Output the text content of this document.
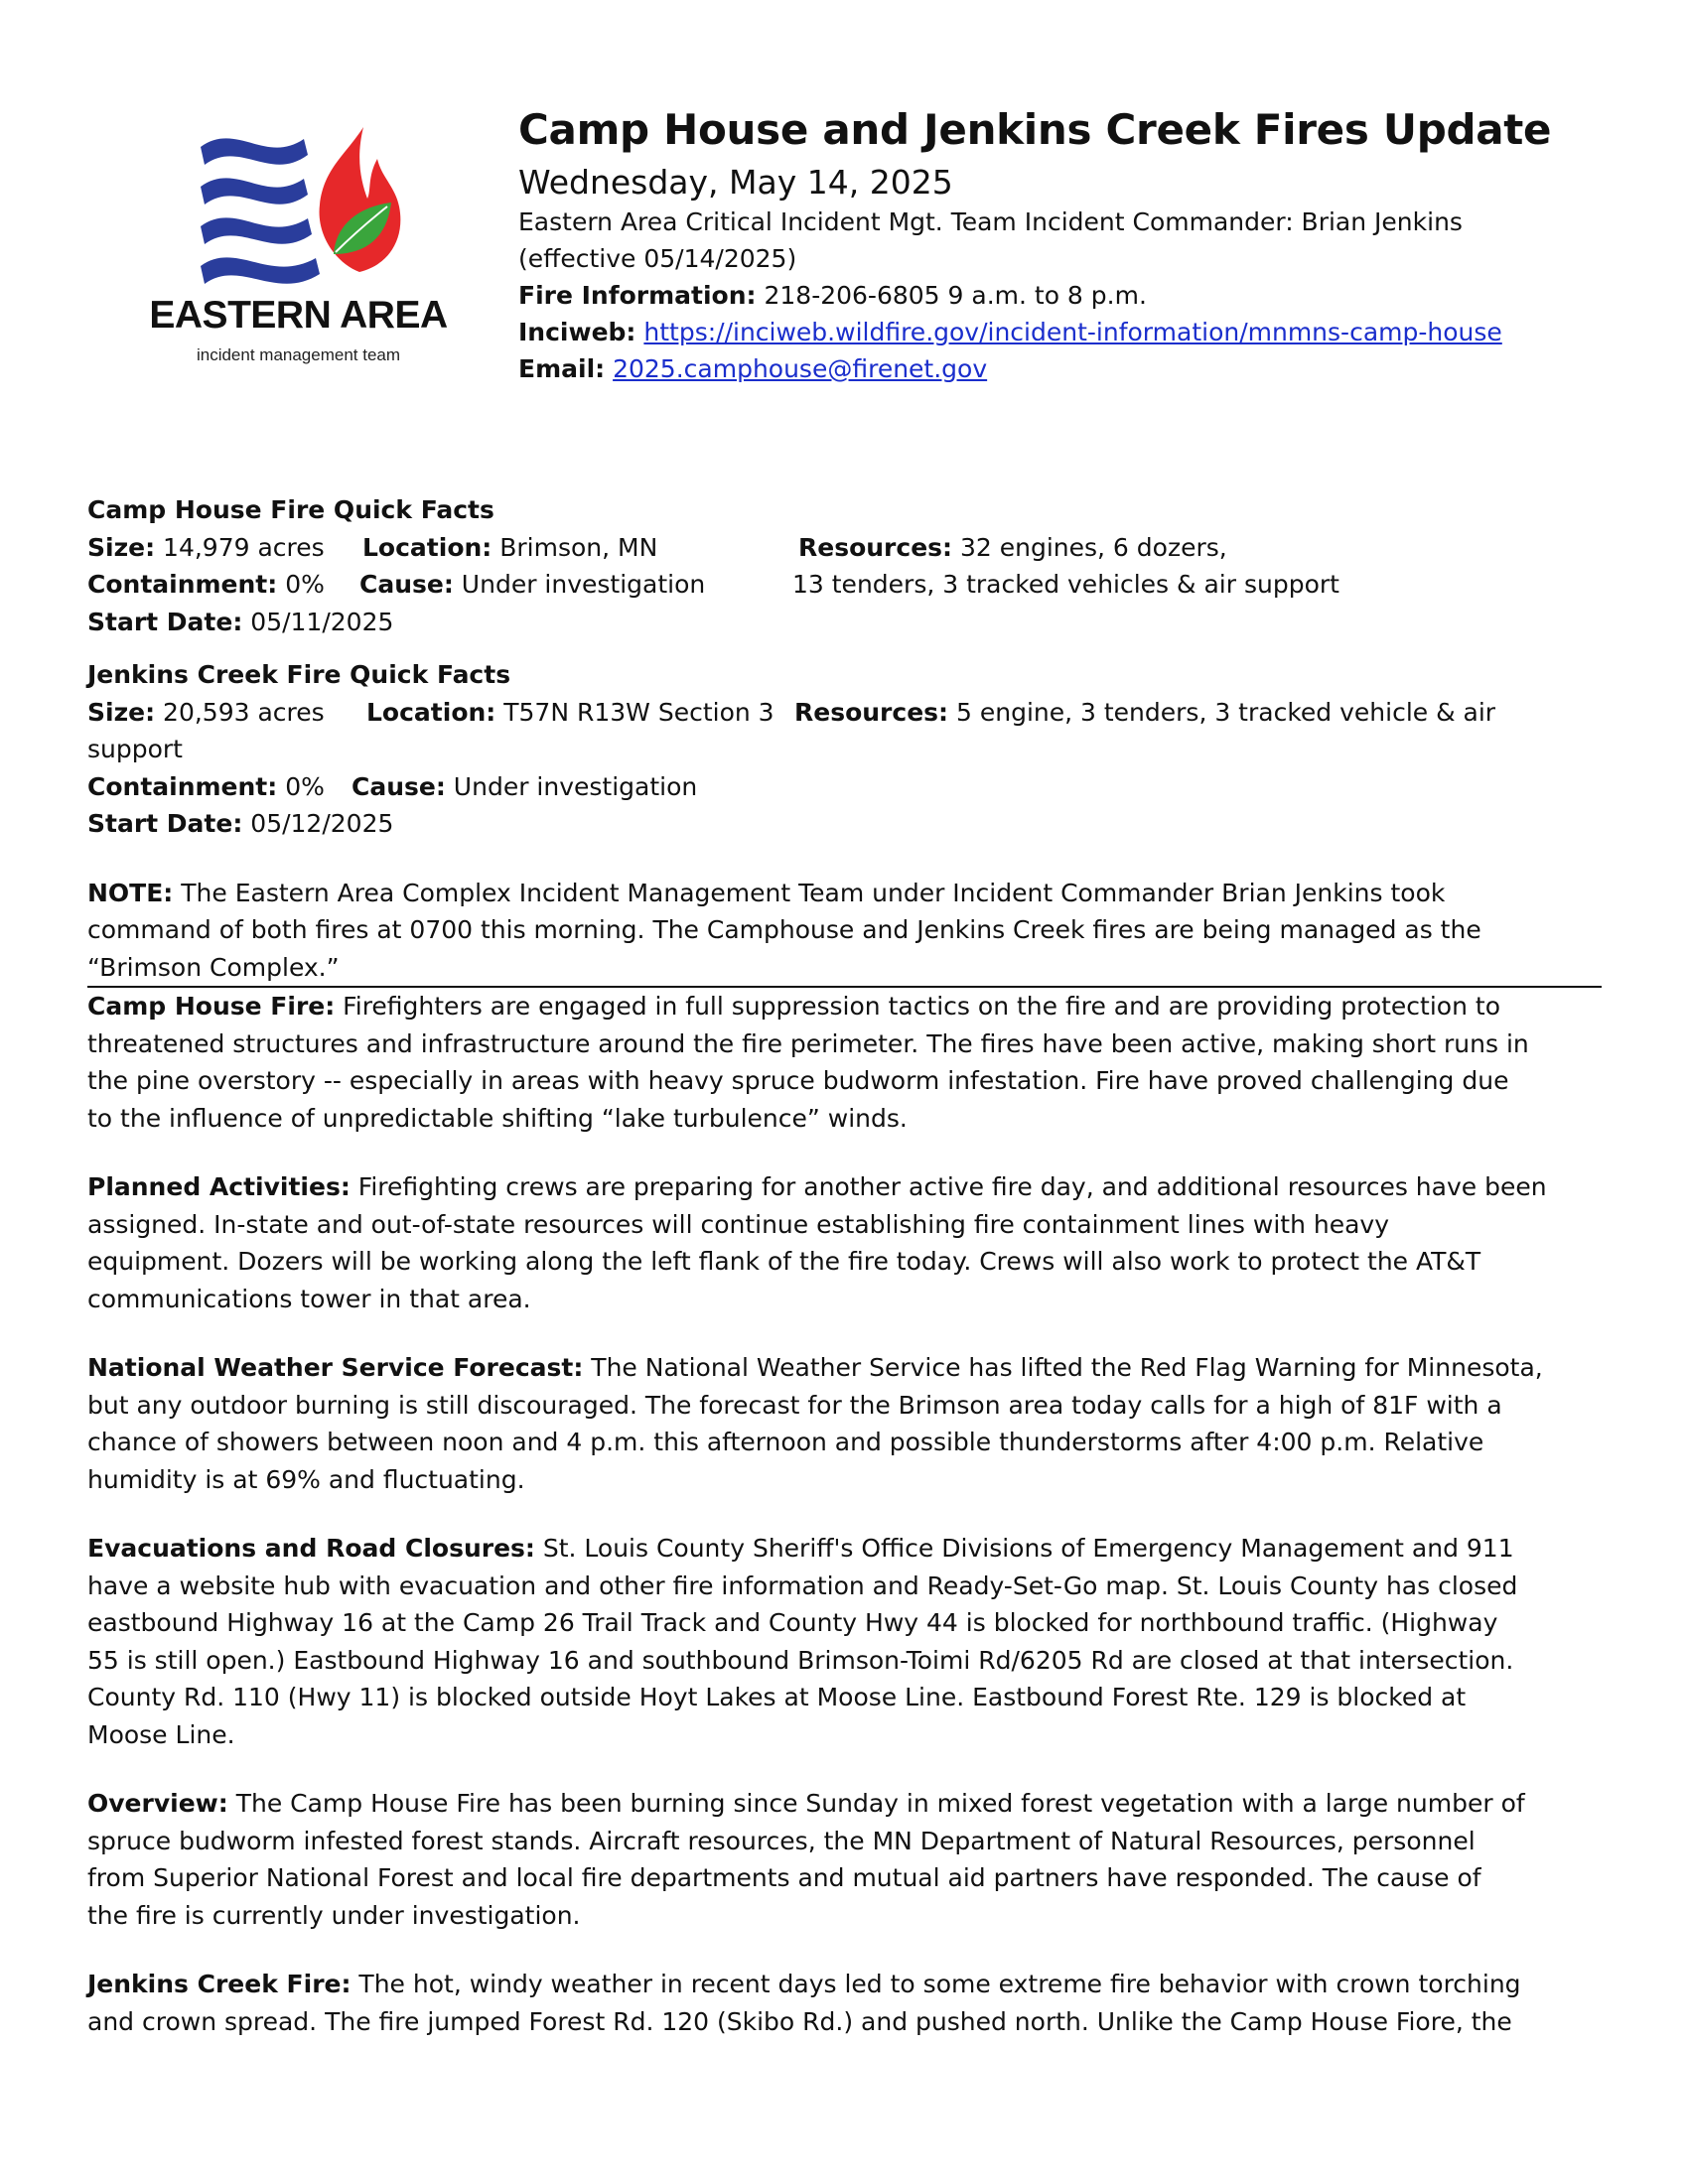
EASTERN AREA
incident management team
Camp House and Jenkins Creek Fires Update
Wednesday, May 14, 2025
Eastern Area Critical Incident Mgt. Team Incident Commander: Brian Jenkins
(effective 05/14/2025)
Fire Information: 218-206-6805 9 a.m. to 8 p.m.
Inciweb: https://inciweb.wildfire.gov/incident-information/mnmns-camp-house
Email: 2025.camphouse@firenet.gov

Camp House Fire Quick Facts

Size: 14,979 acres Location: Brimson, MN	Resources: 32 engines, 6 dozers,
Containment: 0% Cause: Under investigation	13 tenders, 3 tracked vehicles & air support
Start Date: 05/11/2025

Jenkins Creek Fire Quick Facts

Size: 20,593 acres Location: T57N R13W Section 3 Resources: 5 engine, 3 tenders, 3 tracked vehicle & air
support
Containment: 0% Cause: Under investigation
Start Date: 05/12/2025
NOTE: The Eastern Area Complex Incident Management Team under Incident Commander Brian Jenkins took
command of both fires at 0700 this morning. The Camphouse and Jenkins Creek fires are being managed as the
“Brimson Complex.”
Camp House Fire: Firefighters are engaged in full suppression tactics on the fire and are providing protection to
threatened structures and infrastructure around the fire perimeter. The fires have been active, making short runs in
the pine overstory -- especially in areas with heavy spruce budworm infestation. Fire have proved challenging due
to the influence of unpredictable shifting “lake turbulence” winds.
Planned Activities: Firefighting crews are preparing for another active fire day, and additional resources have been
assigned. In-state and out-of-state resources will continue establishing fire containment lines with heavy
equipment. Dozers will be working along the left flank of the fire today. Crews will also work to protect the AT&T
communications tower in that area.
National Weather Service Forecast: The National Weather Service has lifted the Red Flag Warning for Minnesota,
but any outdoor burning is still discouraged. The forecast for the Brimson area today calls for a high of 81F with a
chance of showers between noon and 4 p.m. this afternoon and possible thunderstorms after 4:00 p.m. Relative
humidity is at 69% and fluctuating.
Evacuations and Road Closures: St. Louis County Sheriff's Office Divisions of Emergency Management and 911
have a website hub with evacuation and other fire information and Ready-Set-Go map. St. Louis County has closed
eastbound Highway 16 at the Camp 26 Trail Track and County Hwy 44 is blocked for northbound traffic. (Highway
55 is still open.) Eastbound Highway 16 and southbound Brimson-Toimi Rd/6205 Rd are closed at that intersection.
County Rd. 110 (Hwy 11) is blocked outside Hoyt Lakes at Moose Line. Eastbound Forest Rte. 129 is blocked at
Moose Line.
Overview: The Camp House Fire has been burning since Sunday in mixed forest vegetation with a large number of
spruce budworm infested forest stands. Aircraft resources, the MN Department of Natural Resources, personnel
from Superior National Forest and local fire departments and mutual aid partners have responded. The cause of
the fire is currently under investigation.
Jenkins Creek Fire: The hot, windy weather in recent days led to some extreme fire behavior with crown torching
and crown spread. The fire jumped Forest Rd. 120 (Skibo Rd.) and pushed north. Unlike the Camp House Fiore, the
